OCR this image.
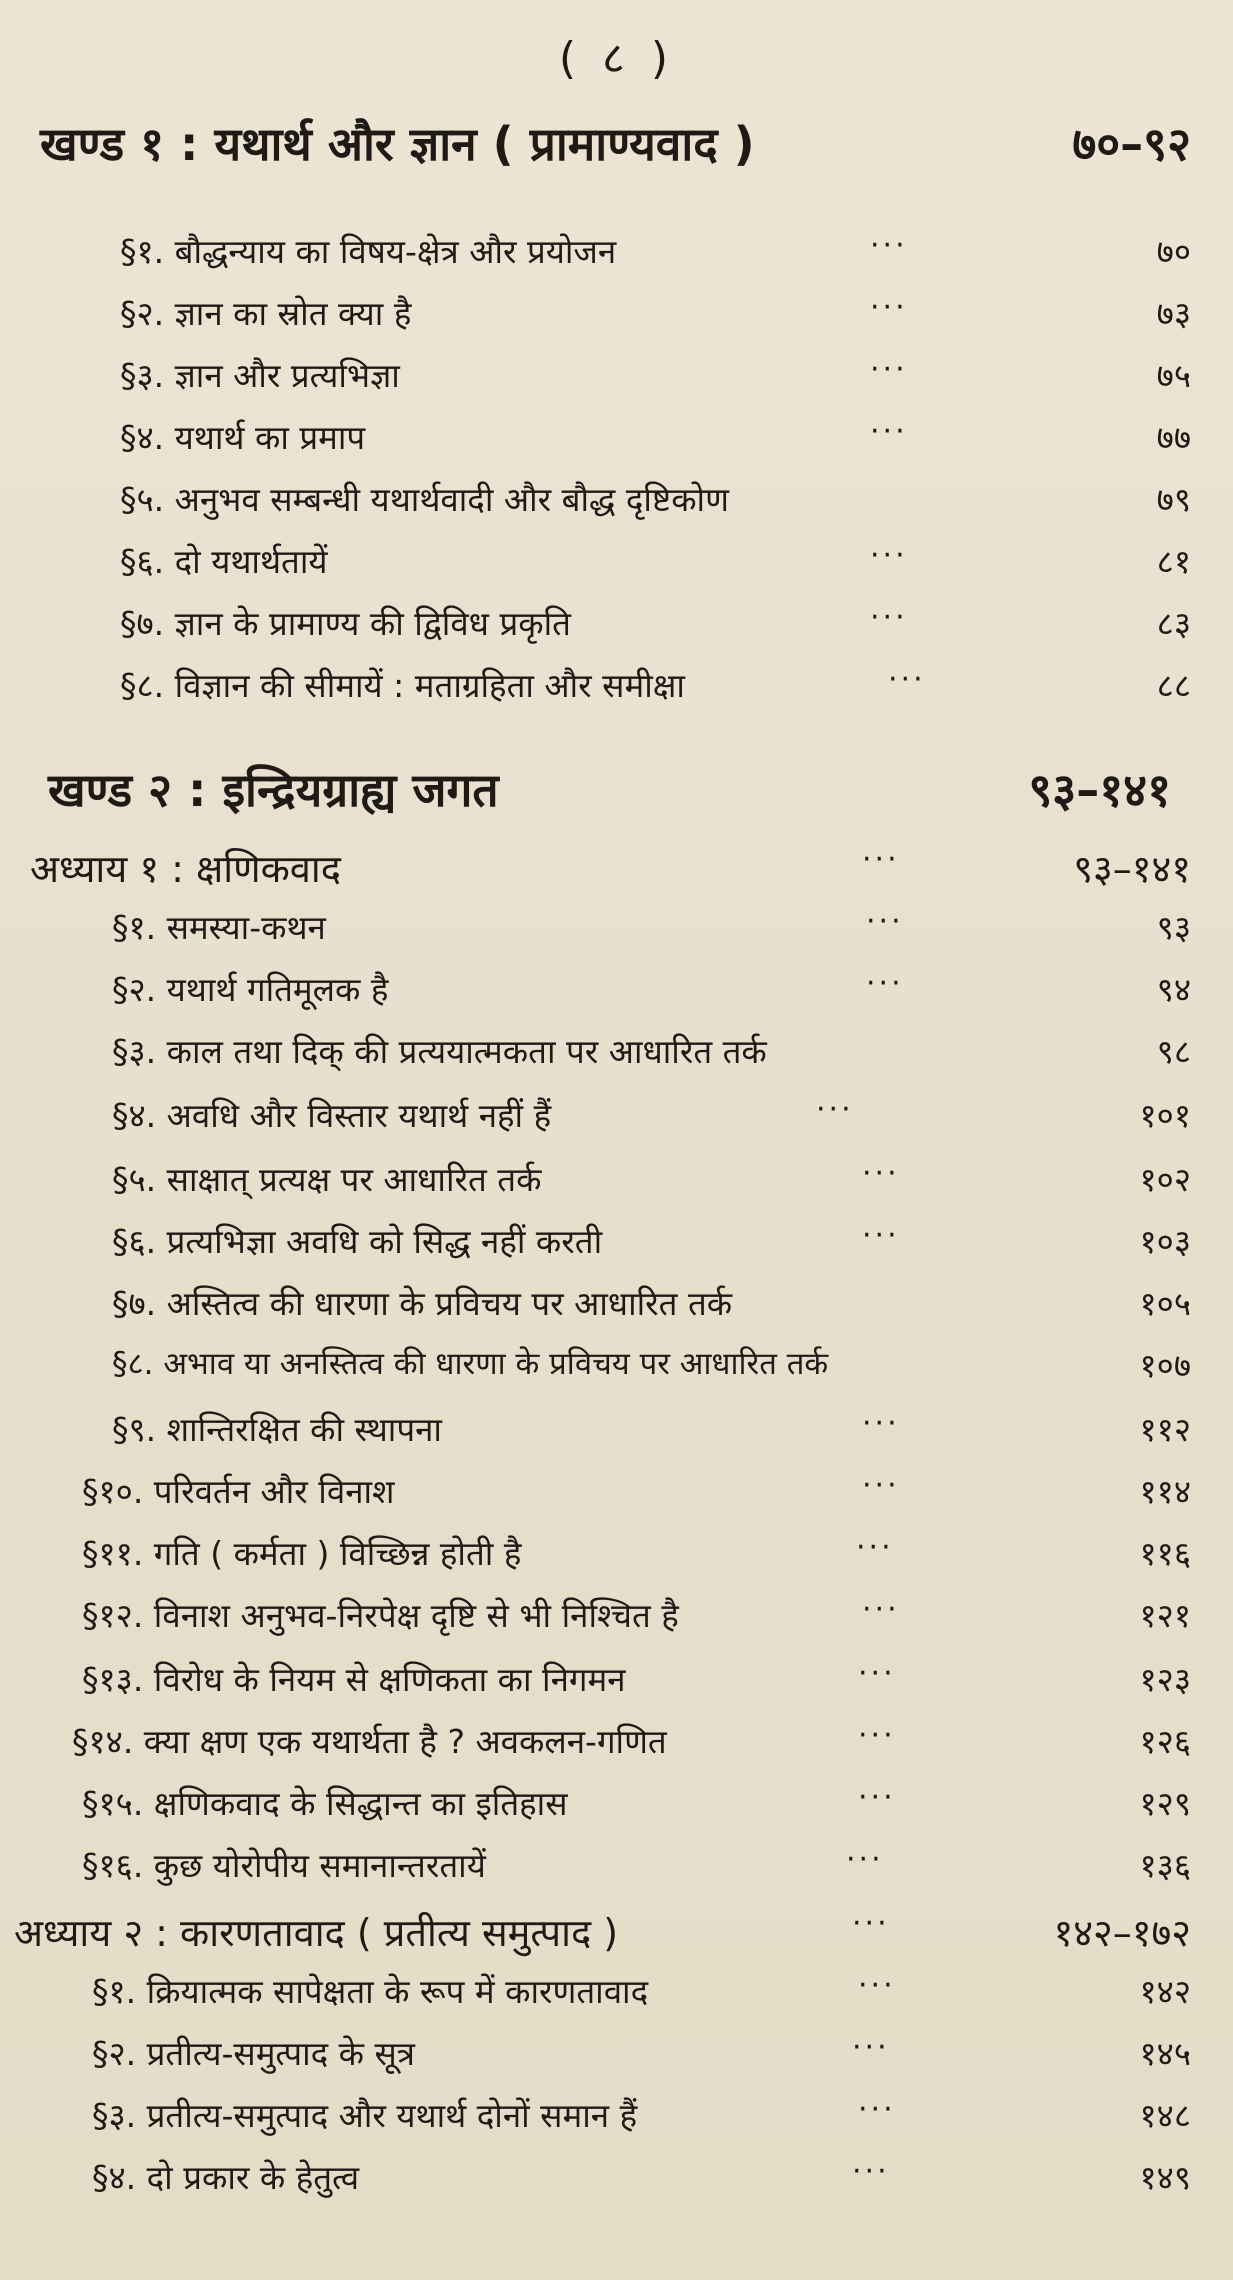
( ८ )
खण्ड १ : यथार्थ और ज्ञान ( प्रामाण्यवाद )	७०–९२
§१. बौद्धन्याय का विषय-क्षेत्र और प्रयोजन	···	७०
§२. ज्ञान का स्रोत क्या है	···	७३
§३. ज्ञान और प्रत्यभिज्ञा	···	७५
§४. यथार्थ का प्रमाप	···	७७
§५. अनुभव सम्बन्धी यथार्थवादी और बौद्ध दृष्टिकोण	७९
§६. दो यथार्थतायें	···	८१
§७. ज्ञान के प्रामाण्य की द्विविध प्रकृति	···	८३
§८. विज्ञान की सीमायें : मताग्रहिता और समीक्षा	···	८८
खण्ड २ : इन्द्रियग्राह्य जगत	९३–१४१
अध्याय १ : क्षणिकवाद	···	९३–१४१
§१. समस्या-कथन	···	९३
§२. यथार्थ गतिमूलक है	···	९४
§३. काल तथा दिक् की प्रत्ययात्मकता पर आधारित तर्क	९८
§४. अवधि और विस्तार यथार्थ नहीं हैं	···	१०१
§५. साक्षात् प्रत्यक्ष पर आधारित तर्क	···	१०२
§६. प्रत्यभिज्ञा अवधि को सिद्ध नहीं करती	···	१०३
§७. अस्तित्व की धारणा के प्रविचय पर आधारित तर्क	१०५
§८. अभाव या अनस्तित्व की धारणा के प्रविचय पर आधारित तर्क	१०७
§९. शान्तिरक्षित की स्थापना	···	११२
§१०. परिवर्तन और विनाश	···	११४
§११. गति ( कर्मता ) विच्छिन्न होती है	···	११६
§१२. विनाश अनुभव-निरपेक्ष दृष्टि से भी निश्चित है	···	१२१
§१३. विरोध के नियम से क्षणिकता का निगमन	···	१२३
§१४. क्या क्षण एक यथार्थता है ? अवकलन-गणित	···	१२६
§१५. क्षणिकवाद के सिद्धान्त का इतिहास	···	१२९
§१६. कुछ योरोपीय समानान्तरतायें	···	१३६
अध्याय २ : कारणतावाद ( प्रतीत्य समुत्पाद )	···	१४२–१७२
§१. क्रियात्मक सापेक्षता के रूप में कारणतावाद	···	१४२
§२. प्रतीत्य-समुत्पाद के सूत्र	···	१४५
§३. प्रतीत्य-समुत्पाद और यथार्थ दोनों समान हैं	···	१४८
§४. दो प्रकार के हेतुत्व	···	१४९
